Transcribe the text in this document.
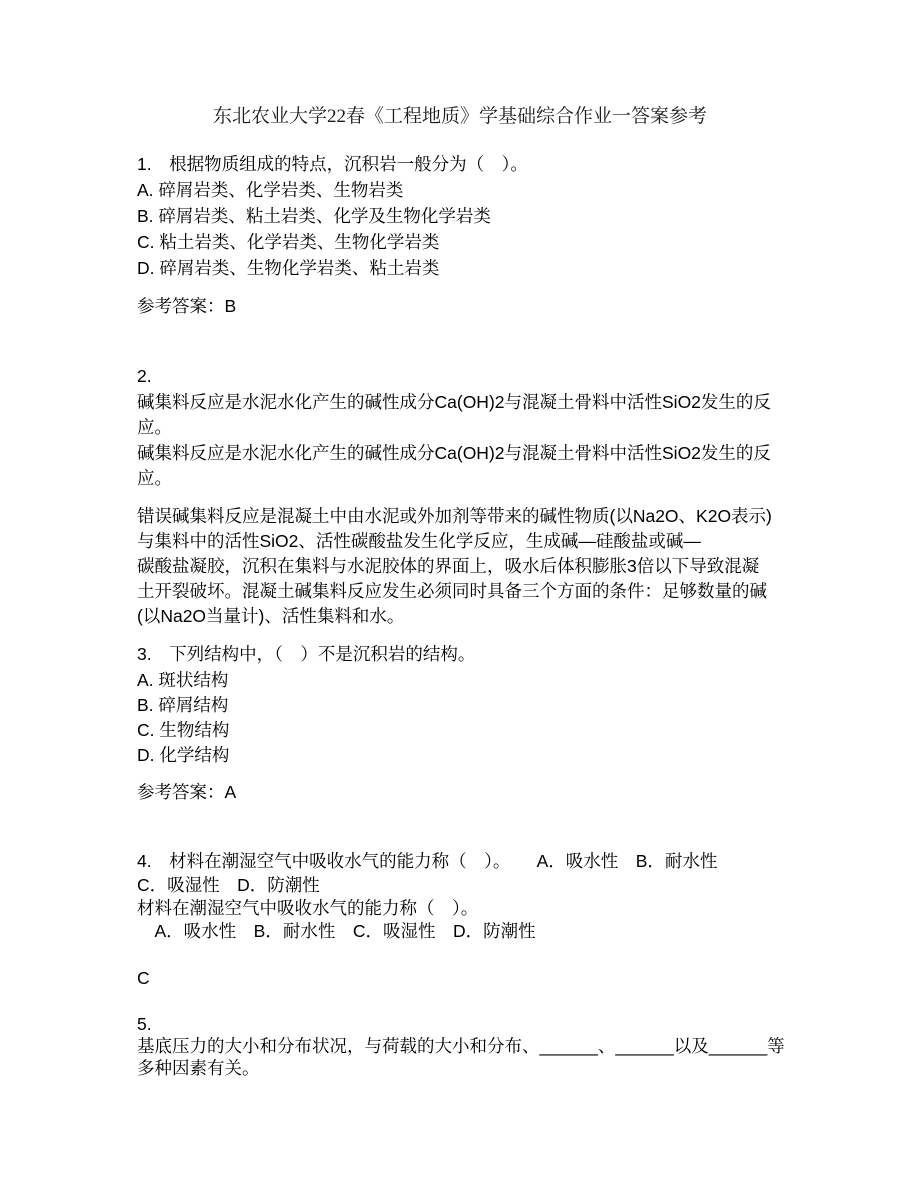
东北农业大学22春《工程地质》学基础综合作业一答案参考
1.　根据物质组成的特点，沉积岩一般分为（　）。
A. 碎屑岩类、化学岩类、生物岩类
B. 碎屑岩类、粘土岩类、化学及生物化学岩类
C. 粘土岩类、化学岩类、生物化学岩类
D. 碎屑岩类、生物化学岩类、粘土岩类
参考答案：B
2.
碱集料反应是水泥水化产生的碱性成分Ca(OH)2与混凝土骨料中活性SiO2发生的反
应。
碱集料反应是水泥水化产生的碱性成分Ca(OH)2与混凝土骨料中活性SiO2发生的反
应。
错误碱集料反应是混凝土中由水泥或外加剂等带来的碱性物质(以Na2O、K2O表示)
与集料中的活性SiO2、活性碳酸盐发生化学反应，生成碱—硅酸盐或碱—
碳酸盐凝胶，沉积在集料与水泥胶体的界面上，吸水后体积膨胀3倍以下导致混凝
土开裂破坏。混凝土碱集料反应发生必须同时具备三个方面的条件：足够数量的碱
(以Na2O当量计)、活性集料和水。
3.　下列结构中，（　）不是沉积岩的结构。
A. 斑状结构
B. 碎屑结构
C. 生物结构
D. 化学结构
参考答案：A
4.　材料在潮湿空气中吸收水气的能力称（　）。　　A．吸水性　B．耐水性
C．吸湿性　D．防潮性
材料在潮湿空气中吸收水气的能力称（　）。
　A．吸水性　B．耐水性　C．吸湿性　D．防潮性
C
5.
基底压力的大小和分布状况，与荷载的大小和分布、______、______以及______等
多种因素有关。
